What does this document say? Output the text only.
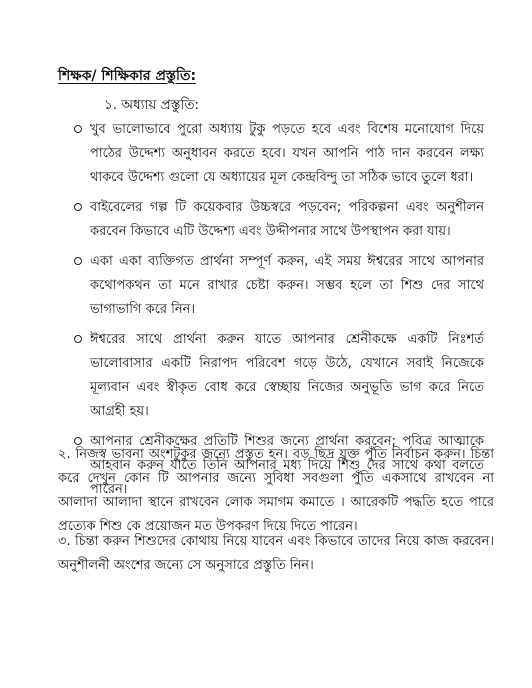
শিক্ষক/ শিক্ষিকার প্রস্তুতি:
১. অধ্যায় প্রস্তুতি:
খুব ভালোভাবে পুরো অধ্যায় টুকু পড়তে হবে এবং বিশেষ মনোযোগ দিয়ে পাঠের উদ্দেশ্য অনুধাবন করতে হবে। যখন আপনি পাঠ দান করবেন লক্ষ্য থাকবে উদ্দেশ্য গুলো যে অধ্যায়ের মূল কেন্দ্রবিন্দু তা সঠিক ভাবে তুলে ধরা।
বাইবেলের গল্প টি কয়েকবার উচ্চস্বরে পড়বেন; পরিকল্পনা এবং অনুশীলন করবেন কিভাবে এটি উদ্দেশ্য এবং উদ্দীপনার সাথে উপস্থাপন করা যায়।
একা একা ব্যক্তিগত প্রার্থনা সম্পূর্ণ করুন, এই সময় ঈশ্বরের সাথে আপনার কথোপকথন তা মনে রাখার চেষ্টা করুন। সম্ভব হলে তা শিশু দের সাথে ভাগাভাগি করে নিন।
ঈশ্বরের সাথে প্রার্থনা করুন যাতে আপনার শ্রেনীকক্ষে একটি নিঃশর্ত ভালোবাসার একটি নিরাপদ পরিবেশ গড়ে উঠে, যেখানে সবাই নিজেকে মূল্যবান এবং স্বীকৃত বোধ করে স্বেচ্ছায় নিজের অনুভূতি ভাগ করে নিতে আগ্রহী হয়।
আপনার শ্রেনীকক্ষের প্রতিটি শিশুর জন্যে প্রার্থনা করবেন; পবিত্র আত্মাকে আহবান করুন যাতে তিনি আপনার মধ্য দিয়ে শিশু দের সাথে কথা বলতে পারেন।

২. নিজস্ব ভাবনা অংশটুকুর জন্যে প্রস্তুত হন। বড় ছিদ্র যুক্ত পুঁতি নির্বাচন করুন। চিন্তা করে দেখুন কোন টি আপনার জন্যে সুবিধা সবগুলা পুঁতি একসাথে রাখবেন না আলাদা আলাদা স্থানে রাখবেন লোক সমাগম কমাতে । আরেকটি পদ্ধতি হতে পারে প্রত্যেক শিশু কে প্রয়োজন মত উপকরণ দিয়ে দিতে পারেন।

৩. চিন্তা করুন শিশুদের কোথায় নিয়ে যাবেন এবং কিভাবে তাদের নিয়ে কাজ করবেন। অনুশীলনী অংশের জন্যে সে অনুসারে প্রস্তুতি নিন।
